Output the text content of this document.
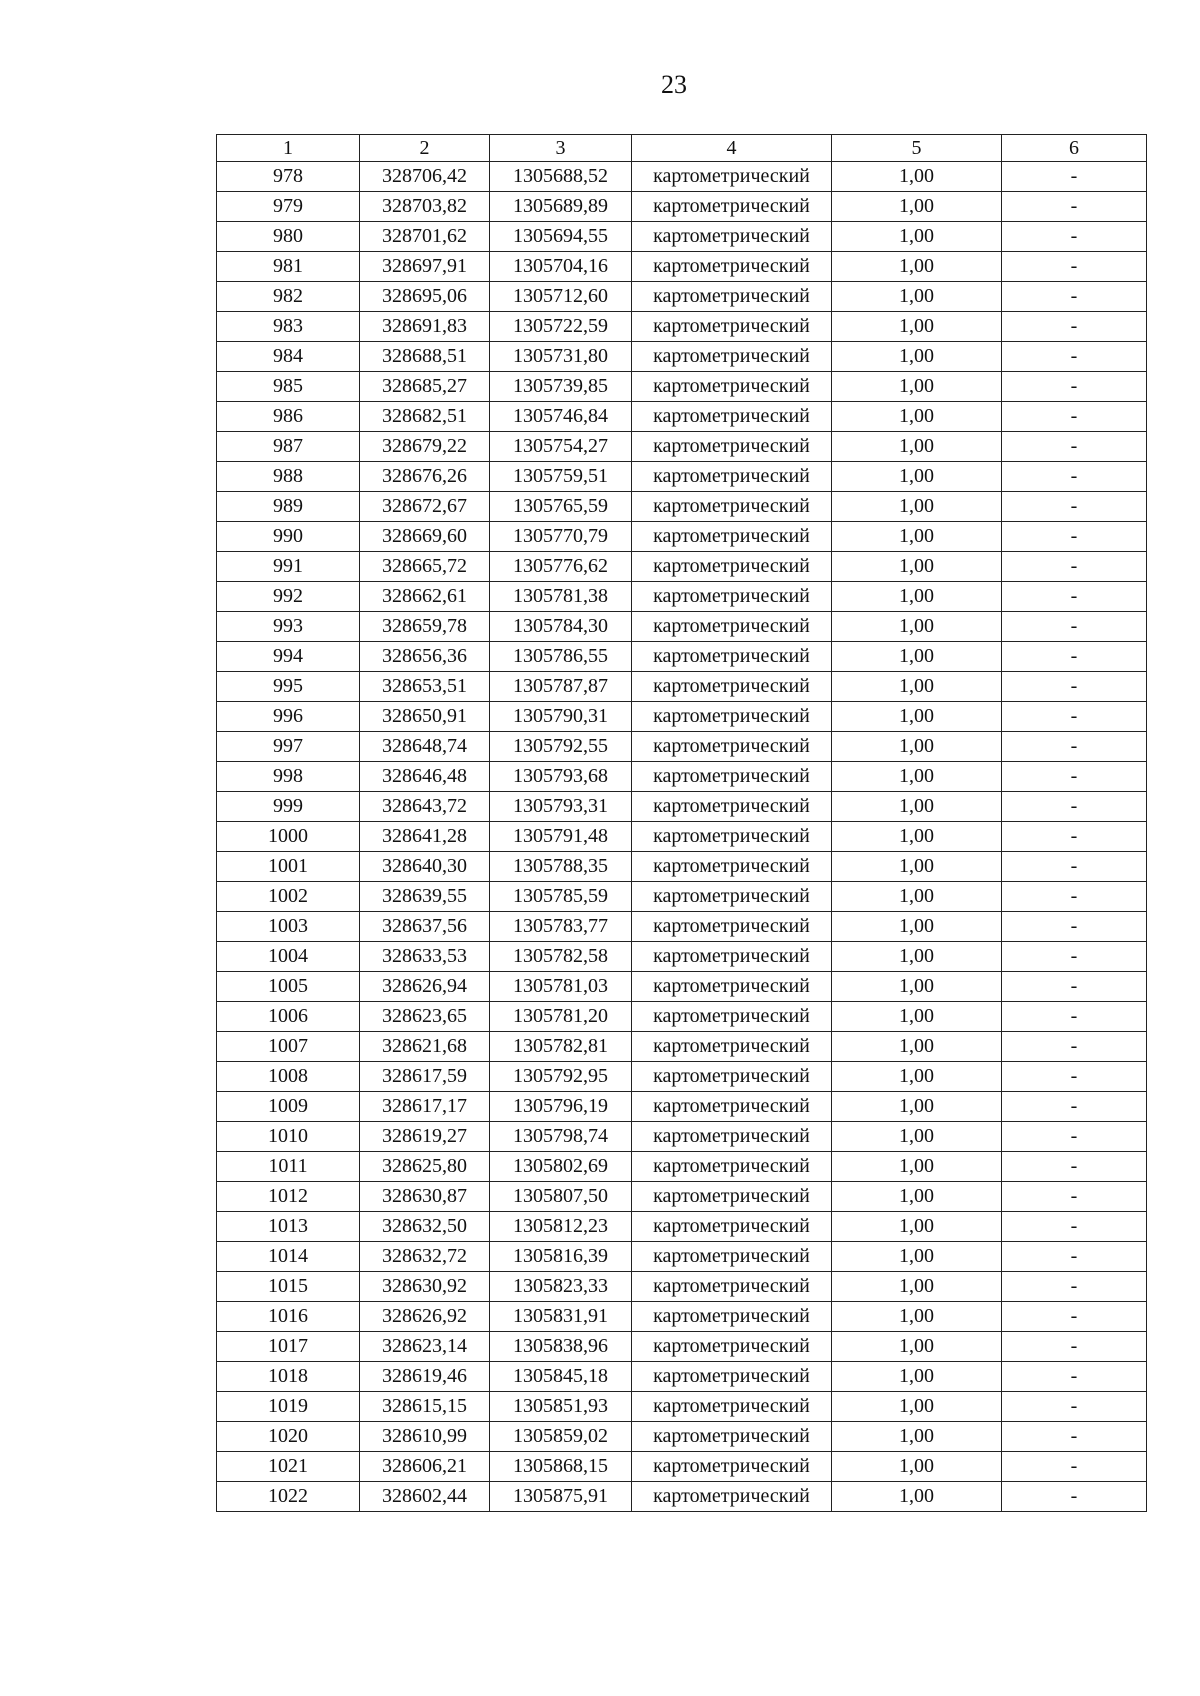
23
1	2	3	4	5	6
978	328706,42	1305688,52	картометрический	1,00	-
979	328703,82	1305689,89	картометрический	1,00	-
980	328701,62	1305694,55	картометрический	1,00	-
981	328697,91	1305704,16	картометрический	1,00	-
982	328695,06	1305712,60	картометрический	1,00	-
983	328691,83	1305722,59	картометрический	1,00	-
984	328688,51	1305731,80	картометрический	1,00	-
985	328685,27	1305739,85	картометрический	1,00	-
986	328682,51	1305746,84	картометрический	1,00	-
987	328679,22	1305754,27	картометрический	1,00	-
988	328676,26	1305759,51	картометрический	1,00	-
989	328672,67	1305765,59	картометрический	1,00	-
990	328669,60	1305770,79	картометрический	1,00	-
991	328665,72	1305776,62	картометрический	1,00	-
992	328662,61	1305781,38	картометрический	1,00	-
993	328659,78	1305784,30	картометрический	1,00	-
994	328656,36	1305786,55	картометрический	1,00	-
995	328653,51	1305787,87	картометрический	1,00	-
996	328650,91	1305790,31	картометрический	1,00	-
997	328648,74	1305792,55	картометрический	1,00	-
998	328646,48	1305793,68	картометрический	1,00	-
999	328643,72	1305793,31	картометрический	1,00	-
1000	328641,28	1305791,48	картометрический	1,00	-
1001	328640,30	1305788,35	картометрический	1,00	-
1002	328639,55	1305785,59	картометрический	1,00	-
1003	328637,56	1305783,77	картометрический	1,00	-
1004	328633,53	1305782,58	картометрический	1,00	-
1005	328626,94	1305781,03	картометрический	1,00	-
1006	328623,65	1305781,20	картометрический	1,00	-
1007	328621,68	1305782,81	картометрический	1,00	-
1008	328617,59	1305792,95	картометрический	1,00	-
1009	328617,17	1305796,19	картометрический	1,00	-
1010	328619,27	1305798,74	картометрический	1,00	-
1011	328625,80	1305802,69	картометрический	1,00	-
1012	328630,87	1305807,50	картометрический	1,00	-
1013	328632,50	1305812,23	картометрический	1,00	-
1014	328632,72	1305816,39	картометрический	1,00	-
1015	328630,92	1305823,33	картометрический	1,00	-
1016	328626,92	1305831,91	картометрический	1,00	-
1017	328623,14	1305838,96	картометрический	1,00	-
1018	328619,46	1305845,18	картометрический	1,00	-
1019	328615,15	1305851,93	картометрический	1,00	-
1020	328610,99	1305859,02	картометрический	1,00	-
1021	328606,21	1305868,15	картометрический	1,00	-
1022	328602,44	1305875,91	картометрический	1,00	-
